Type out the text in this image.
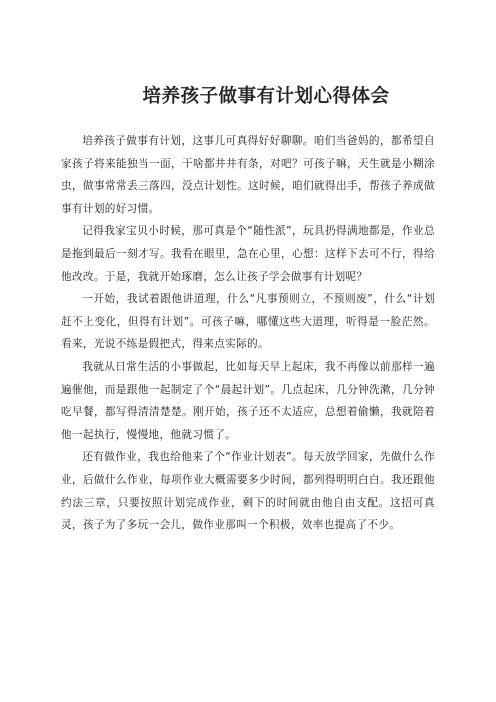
培养孩子做事有计划心得体会

培养孩子做事有计划，这事儿可真得好好聊聊。咱们当爸妈的，都希望自家孩子将来能独当一面，干啥都井井有条，对吧？可孩子嘛，天生就是小糊涂虫，做事常常丢三落四，没点计划性。这时候，咱们就得出手，帮孩子养成做事有计划的好习惯。

记得我家宝贝小时候，那可真是个“随性派”，玩具扔得满地都是，作业总是拖到最后一刻才写。我看在眼里，急在心里，心想：这样下去可不行，得给他改改。于是，我就开始琢磨，怎么让孩子学会做事有计划呢？

一开始，我试着跟他讲道理，什么“凡事预则立，不预则废”，什么“计划赶不上变化，但得有计划”。可孩子嘛，哪懂这些大道理，听得是一脸茫然。看来，光说不练是假把式，得来点实际的。

我就从日常生活的小事做起，比如每天早上起床，我不再像以前那样一遍遍催他，而是跟他一起制定了个“晨起计划”。几点起床，几分钟洗漱，几分钟吃早餐，都写得清清楚楚。刚开始，孩子还不太适应，总想着偷懒，我就陪着他一起执行，慢慢地，他就习惯了。

还有做作业，我也给他来了个“作业计划表”。每天放学回家，先做什么作业，后做什么作业，每项作业大概需要多少时间，都列得明明白白。我还跟他约法三章，只要按照计划完成作业，剩下的时间就由他自由支配。这招可真灵，孩子为了多玩一会儿，做作业那叫一个积极，效率也提高了不少。
